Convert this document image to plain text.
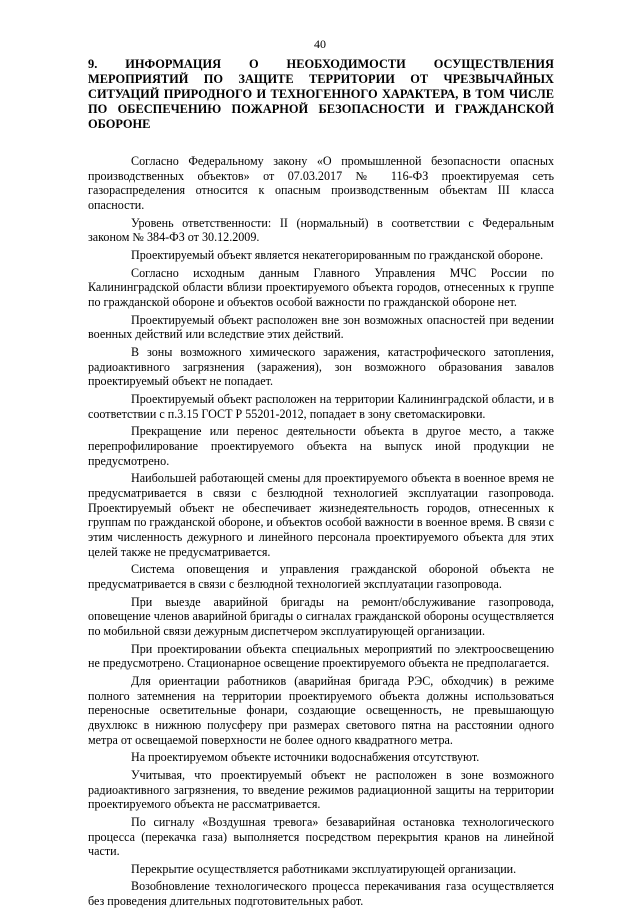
40
9. ИНФОРМАЦИЯ О НЕОБХОДИМОСТИ ОСУЩЕСТВЛЕНИЯ МЕРОПРИЯТИЙ ПО ЗАЩИТЕ ТЕРРИТОРИИ ОТ ЧРЕЗВЫЧАЙНЫХ СИТУАЦИЙ ПРИРОДНОГО И ТЕХНОГЕННОГО ХАРАКТЕРА, В ТОМ ЧИСЛЕ ПО ОБЕСПЕЧЕНИЮ ПОЖАРНОЙ БЕЗОПАСНОСТИ И ГРАЖДАНСКОЙ ОБОРОНЕ

Согласно Федеральному закону «О промышленной безопасности опасных производственных объектов» от 07.03.2017 № 116-ФЗ проектируемая сеть газораспределения относится к опасным производственным объектам III класса опасности.

Уровень ответственности: II (нормальный) в соответствии с Федеральным законом № 384-ФЗ от 30.12.2009.

Проектируемый объект является некатегорированным по гражданской обороне.

Согласно исходным данным Главного Управления МЧС России по Калининградской области вблизи проектируемого объекта городов, отнесенных к группе по гражданской обороне и объектов особой важности по гражданской обороне нет.

Проектируемый объект расположен вне зон возможных опасностей при ведении военных действий или вследствие этих действий.

В зоны возможного химического заражения, катастрофического затопления, радиоактивного загрязнения (заражения), зон возможного образования завалов проектируемый объект не попадает.

Проектируемый объект расположен на территории Калининградской области, и в соответствии с п.3.15 ГОСТ Р 55201-2012, попадает в зону светомаскировки.

Прекращение или перенос деятельности объекта в другое место, а также перепрофилирование проектируемого объекта на выпуск иной продукции не предусмотрено.

Наибольшей работающей смены для проектируемого объекта в военное время не предусматривается в связи с безлюдной технологией эксплуатации газопровода. Проектируемый объект не обеспечивает жизнедеятельность городов, отнесенных к группам по гражданской обороне, и объектов особой важности в военное время. В связи с этим численность дежурного и линейного персонала проектируемого объекта для этих целей также не предусматривается.

Система оповещения и управления гражданской обороной объекта не предусматривается в связи с безлюдной технологией эксплуатации газопровода.

При выезде аварийной бригады на ремонт/обслуживание газопровода, оповещение членов аварийной бригады о сигналах гражданской обороны осуществляется по мобильной связи дежурным диспетчером эксплуатирующей организации.

При проектировании объекта специальных мероприятий по электроосвещению не предусмотрено. Стационарное освещение проектируемого объекта не предполагается.

Для ориентации работников (аварийная бригада РЭС, обходчик) в режиме полного затемнения на территории проектируемого объекта должны использоваться переносные осветительные фонари, создающие освещенность, не превышающую двухлюкс в нижнюю полусферу при размерах светового пятна на расстоянии одного метра от освещаемой поверхности не более одного квадратного метра.

На проектируемом объекте источники водоснабжения отсутствуют.

Учитывая, что проектируемый объект не расположен в зоне возможного радиоактивного загрязнения, то введение режимов радиационной защиты на территории проектируемого объекта не рассматривается.

По сигналу «Воздушная тревога» безаварийная остановка технологического процесса (перекачка газа) выполняется посредством перекрытия кранов на линейной части.

Перекрытие осуществляется работниками эксплуатирующей организации.

Возобновление технологического процесса перекачивания газа осуществляется без проведения длительных подготовительных работ.
